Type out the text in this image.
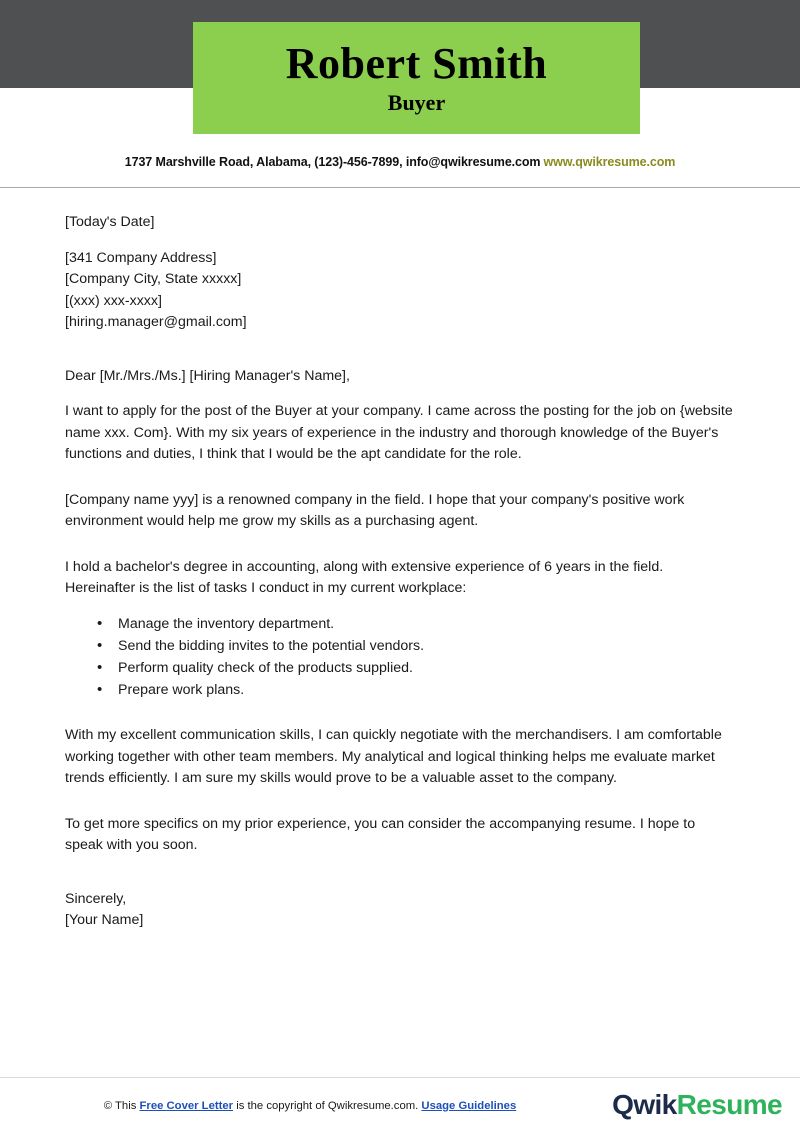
Robert Smith
Buyer
1737 Marshville Road, Alabama, (123)-456-7899, info@qwikresume.com www.qwikresume.com

[Today's Date]

[341 Company Address]
[Company City, State xxxxx]
[(xxx) xxx-xxxx]
[hiring.manager@gmail.com]

Dear [Mr./Mrs./Ms.] [Hiring Manager's Name],

I want to apply for the post of the Buyer at your company. I came across the posting for the job on {website name xxx. Com}. With my six years of experience in the industry and thorough knowledge of the Buyer's functions and duties, I think that I would be the apt candidate for the role.

[Company name yyy] is a renowned company in the field. I hope that your company's positive work environment would help me grow my skills as a purchasing agent.

I hold a bachelor's degree in accounting, along with extensive experience of 6 years in the field. Hereinafter is the list of tasks I conduct in my current workplace:

• Manage the inventory department.
• Send the bidding invites to the potential vendors.
• Perform quality check of the products supplied.
• Prepare work plans.

With my excellent communication skills, I can quickly negotiate with the merchandisers. I am comfortable working together with other team members. My analytical and logical thinking helps me evaluate market trends efficiently. I am sure my skills would prove to be a valuable asset to the company.

To get more specifics on my prior experience, you can consider the accompanying resume. I hope to speak with you soon.

Sincerely,
[Your Name]
© This Free Cover Letter is the copyright of Qwikresume.com. Usage Guidelines	Qwik Resume
